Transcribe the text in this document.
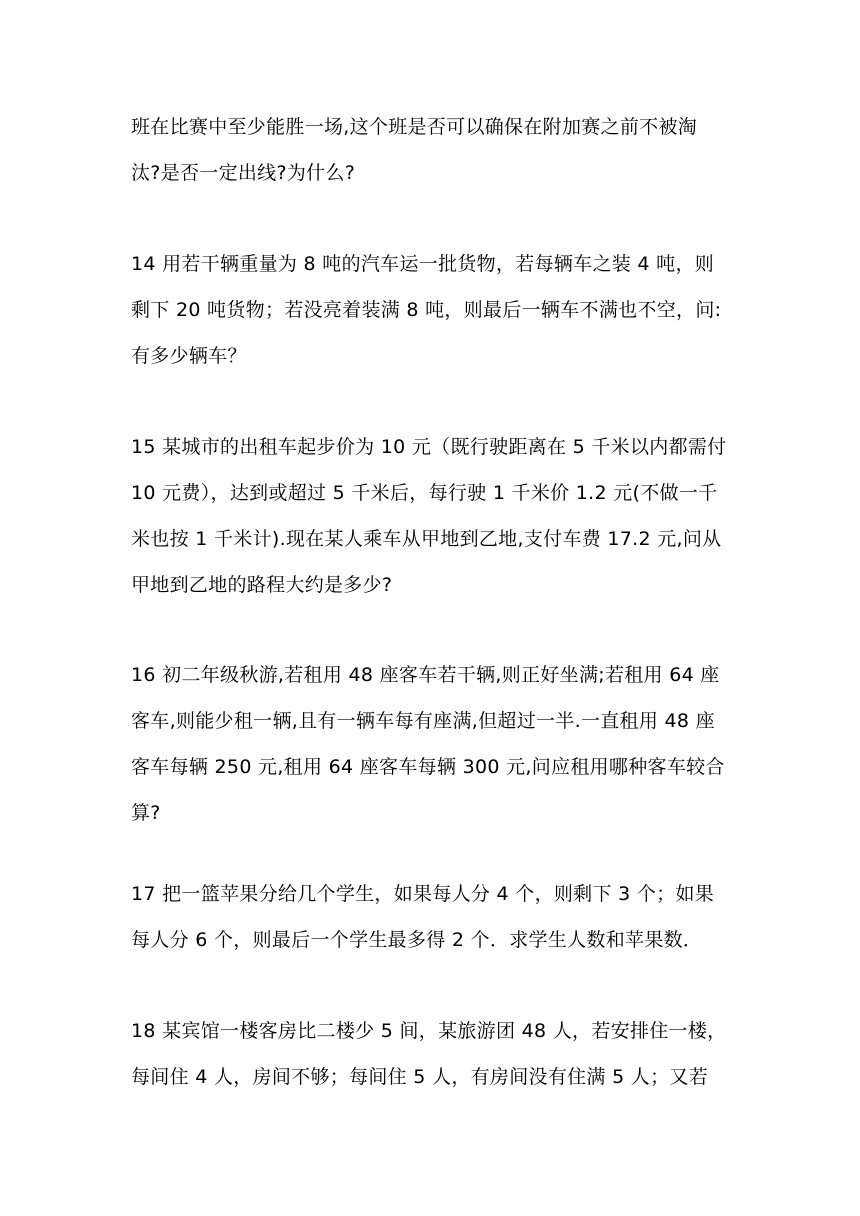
班在比赛中至少能胜一场,这个班是否可以确保在附加赛之前不被淘
汰?是否一定出线?为什么?
14 用若干辆重量为 8 吨的汽车运一批货物，若每辆车之装 4 吨，则
剩下 20 吨货物；若没亮着装满 8 吨，则最后一辆车不满也不空，问:
有多少辆车？
15 某城市的出租车起步价为 10 元（既行驶距离在 5 千米以内都需付
10 元费），达到或超过 5 千米后，每行驶 1 千米价 1.2 元(不做一千
米也按 1 千米计).现在某人乘车从甲地到乙地,支付车费 17.2 元,问从
甲地到乙地的路程大约是多少?
16 初二年级秋游,若租用 48 座客车若干辆,则正好坐满;若租用 64 座
客车,则能少租一辆,且有一辆车每有座满,但超过一半.一直租用 48 座
客车每辆 250 元,租用 64 座客车每辆 300 元,问应租用哪种客车较合
算?
17 把一篮苹果分给几个学生，如果每人分 4 个，则剩下 3 个；如果
每人分 6 个，则最后一个学生最多得 2 个．求学生人数和苹果数．
18 某宾馆一楼客房比二楼少 5 间，某旅游团 48 人，若安排住一楼，
每间住 4 人，房间不够；每间住 5 人，有房间没有住满 5 人；又若
